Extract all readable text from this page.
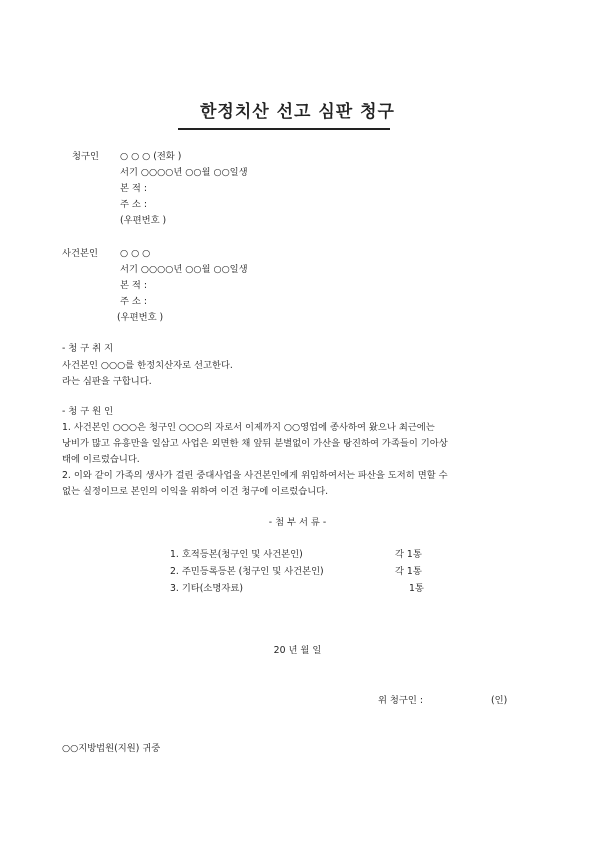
한정치산 선고 심판 청구
청구인 ○ ○ ○ (전화 )
서기 ○○○○년 ○○월 ○○일생
본 적 :
주 소 :
(우편번호 )
사건본인 ○ ○ ○
서기 ○○○○년 ○○월 ○○일생
본 적 :
주 소 :
(우편번호 )
- 청 구 취 지
사건본인 ○○○를 한정치산자로 선고한다.
라는 심판을 구합니다.
- 청 구 원 인
1. 사건본인 ○○○은 청구인 ○○○의 자로서 이제까지 ○○영업에 종사하여 왔으나 최근에는
낭비가 많고 유흥만을 일삼고 사업은 외면한 채 앞뒤 분별없이 가산을 탕진하여 가족들이 기아상
태에 이르렀습니다.
2. 이와 같이 가족의 생사가 걸린 중대사업을 사건본인에게 위임하여서는 파산을 도저히 면할 수
없는 실정이므로 본인의 이익을 위하여 이건 청구에 이르렀습니다.
- 첨 부 서 류 -
1. 호적등본(청구인 및 사건본인)	각 1통
2. 주민등록등본 (청구인 및 사건본인)	각 1통
3. 기타(소명자료)	1통
20 년 월 일
위 청구인 :	(인)
○○지방법원(지원) 귀중
